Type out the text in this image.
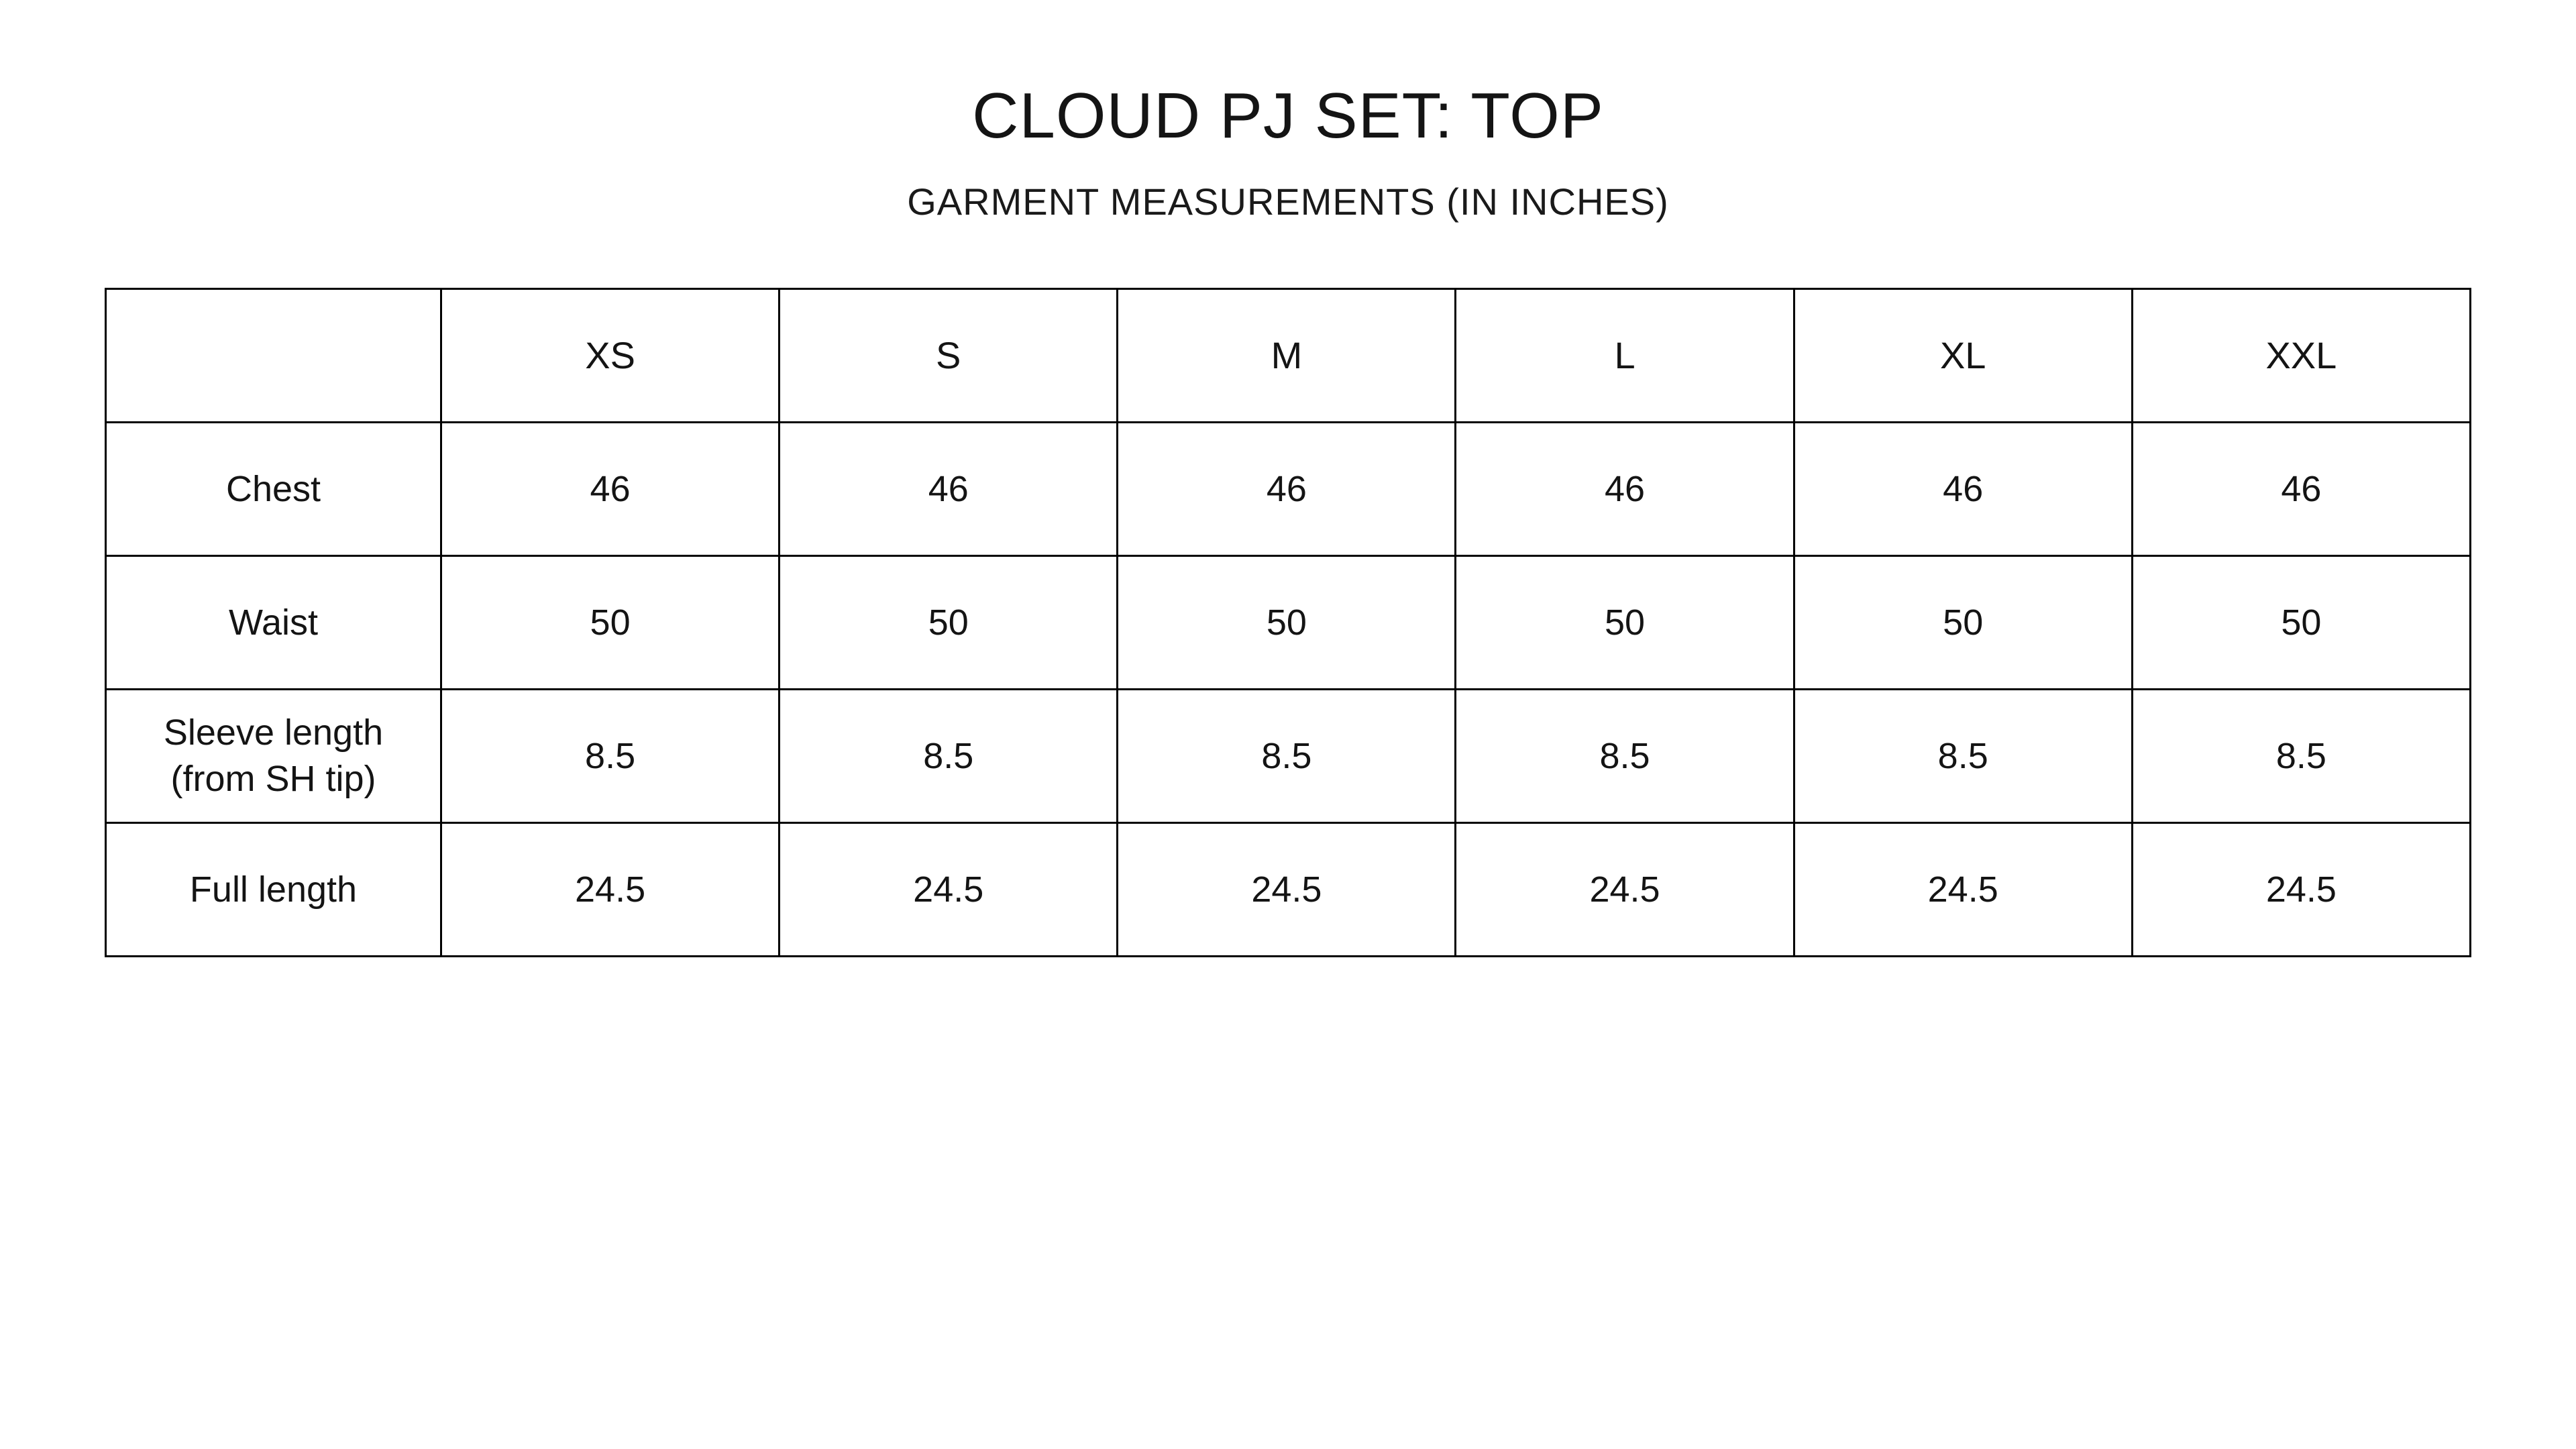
CLOUD PJ SET: TOP
GARMENT MEASUREMENTS (IN INCHES)
	XS	S	M	L	XL	XXL
Chest	46	46	46	46	46	46
Waist	50	50	50	50	50	50

Sleeve length
(from SH tip)	8.5	8.5	8.5	8.5	8.5	8.5
Full length	24.5	24.5	24.5	24.5	24.5	24.5
